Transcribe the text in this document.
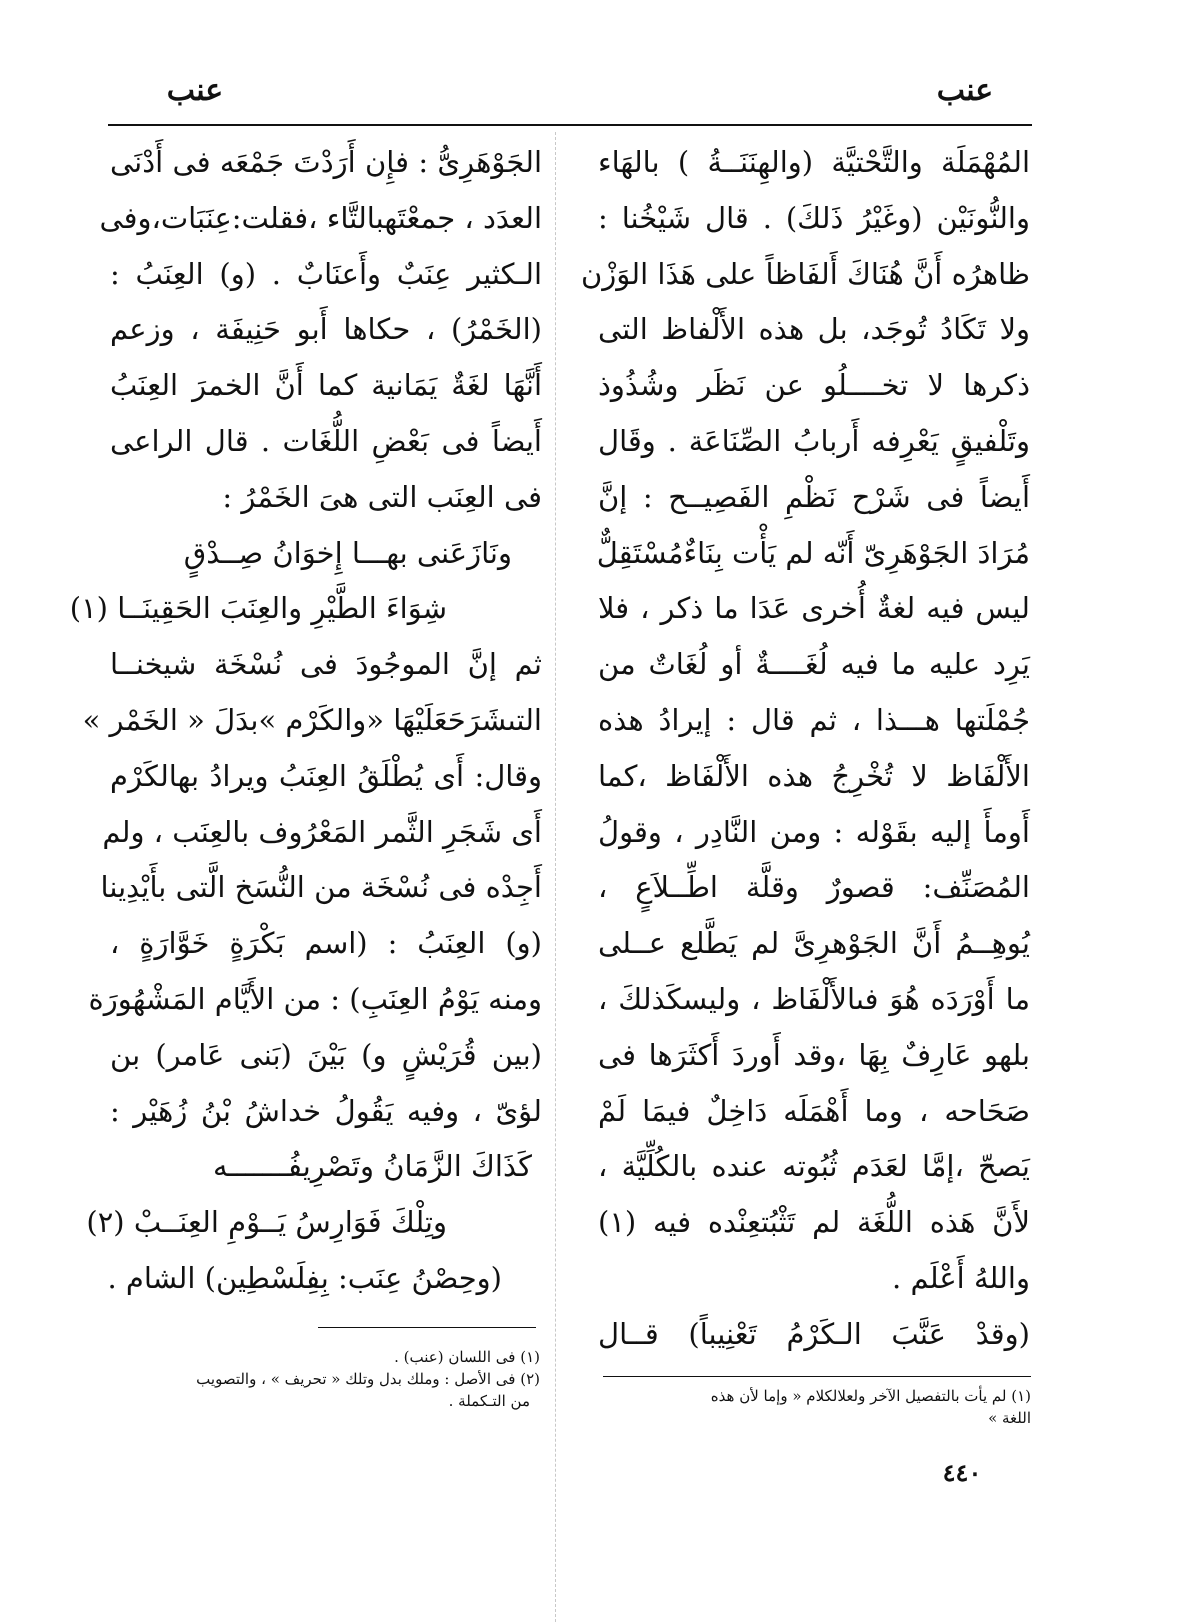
عنب
عنب
المُهْمَلَة والتَّحْتيَّة (والهِنَنَــةُ ) بالهَاء
والنُّونَيْن (وغَيْرُ ذَلكَ) . قال شَيْخُنا :
ظاهرُه أَنَّ هُنَاكَ أَلفَاظاً على هَذَا الوَزْن
ولا تَكَادُ تُوجَد، بل هذه الأَلْفاظ التى
ذكرها لا تخــــلُو عن نَظَر وشُذُوذ
وتَلْفيقٍ يَعْرِفه أَربابُ الصِّنَاعَة . وقَال
أَيضاً فى شَرْح نَظْمِ الفَصِيــح : إنَّ
مُرَادَ الجَوْهَرِىّ أَنّه لم يَأْت بِنَاءٌمُسْتَقِلٌّ
ليس فيه لغةٌ أُخرى عَدَا ما ذكر ، فلا
يَرِد عليه ما فيه لُغَــــةٌ أو لُغَاتٌ من
جُمْلَتها هـــذا ، ثم قال : إيرادُ هذه
الأَلْفَاظ لا تُخْرِجُ هذه الأَلْفَاظ ،كما
أَومأَ إليه بقَوْله : ومن النَّادِر ، وقولُ
المُصَنِّف: قصورٌ وقلَّة اطِّــلاَعٍ ،
يُوهِــمُ أَنَّ الجَوْهرِىَّ لم يَطَّلع عــلى
ما أَوْرَدَه هُوَ فىالأَلْفَاظ ، وليسكَذلكَ ،
بلهو عَارِفٌ بِهَا ،وقد أَوردَ أَكثَرَها فى
صَحَاحه ، وما أَهْمَلَه دَاخِلٌ فيمَا لَمْ
يَصحّ ،إمَّا لعَدَم ثُبُوته عنده بالكُلِّيَّة ،
لأَنَّ هَذه اللُّغَة لم تَثْبُتعِنْده فيه (١)
واللهُ أَعْلَم .
(وقدْ عَنَّبَ الـكَرْمُ تَعْنِيباً) قــال
الجَوْهَرِىُّ : فإِن أَرَدْتَ جَمْعَه فى أَدْنَى
العدَد ، جمعْتَهبالتَّاء ،فقلت:عِنَبَات،وفى
الـكثير عِنَبٌ وأَعنَابٌ . (و) العِنَبُ :
(الخَمْرُ) ، حكاها أَبو حَنِيفَة ، وزعم
أَنَّهَا لغَةٌ يَمَانية كما أَنَّ الخمرَ العِنَبُ
أَيضاً فى بَعْضِ اللُّغَات . قال الراعى
فى العِنَب التى هىَ الخَمْرُ :
ونَازَعَنى بهـــا إِخوَانُ صِــدْقٍ
شِوَاءَ الطَّيْرِ والعِنَبَ الحَقِينَــا (١)
ثم إنَّ الموجُودَ فى نُسْخَة شيخنــا
التىشَرَحَعَلَيْهَا «والكَرْم »بدَلَ « الخَمْر »
وقال: أَى يُطْلَقُ العِنَبُ ويرادُ بهالكَرْم
أَى شَجَرِ الثَّمر المَعْرُوف بالعِنَب ، ولم
أَجِدْه فى نُسْخَة من النُّسَخ الَّتى بأَيْدِينا
(و) العِنَبُ : (اسم بَكْرَةٍ خَوَّارَةٍ ،
ومنه يَوْمُ العِنَبِ) : من الأَيَّام المَشْهُورَة
(بين قُرَيْشٍ و) بَيْنَ (بَنى عَامر) بن
لؤىّ ، وفيه يَقُولُ خداشُ بْنُ زُهَيْر :
كَذَاكَ الزَّمَانُ وتَصْرِيفُـــــــه
وتِلْكَ فَوَارِسُ يَــوْمِ العِنَــبْ (٢)
(وحِصْنُ عِنَب: بِفِلَسْطِين) الشام .
(١) لم يأت بالتفصيل الآخر ولعلالكلام « وإما لأن هذه
اللغة »
(١) فى اللسان (عنب) .
(٢) فى الأصل : وملك بدل وتلك « تحريف » ، والتصويب
من التـكملة .
٤٤٠
